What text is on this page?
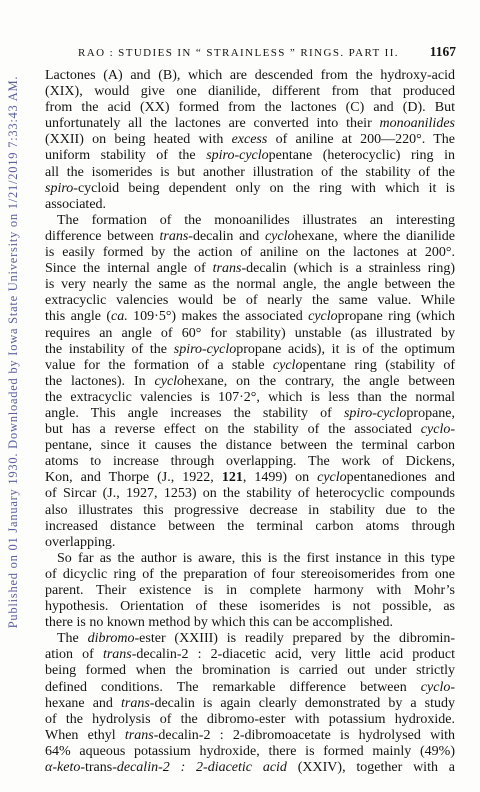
Published on 01 January 1930. Downloaded by Iowa State University on 1/21/2019 7:33:43 AM.
RAO : STUDIES IN “ STRAINLESS ” RINGS. PART II. 1167
Lactones (A) and (B), which are descended from the hydroxy-acid
(XIX), would give one dianilide, different from that produced
from the acid (XX) formed from the lactones (C) and (D). But
unfortunately all the lactones are converted into their monoanilides
(XXII) on being heated with excess of aniline at 200—220°. The
uniform stability of the spiro-cyclopentane (heterocyclic) ring in
all the isomerides is but another illustration of the stability of the
spiro-cycloid being dependent only on the ring with which it is
associated.
The formation of the monoanilides illustrates an interesting
difference between trans-decalin and cyclohexane, where the dianilide
is easily formed by the action of aniline on the lactones at 200°.
Since the internal angle of trans-decalin (which is a strainless ring)
is very nearly the same as the normal angle, the angle between the
extracyclic valencies would be of nearly the same value. While
this angle (ca. 109·5°) makes the associated cyclopropane ring (which
requires an angle of 60° for stability) unstable (as illustrated by
the instability of the spiro-cyclopropane acids), it is of the optimum
value for the formation of a stable cyclopentane ring (stability of
the lactones). In cyclohexane, on the contrary, the angle between
the extracyclic valencies is 107·2°, which is less than the normal
angle. This angle increases the stability of spiro-cyclopropane,
but has a reverse effect on the stability of the associated cyclo-
pentane, since it causes the distance between the terminal carbon
atoms to increase through overlapping. The work of Dickens,
Kon, and Thorpe (J., 1922, 121, 1499) on cyclopentanediones and
of Sircar (J., 1927, 1253) on the stability of heterocyclic compounds
also illustrates this progressive decrease in stability due to the
increased distance between the terminal carbon atoms through
overlapping.
So far as the author is aware, this is the first instance in this type
of dicyclic ring of the preparation of four stereoisomerides from one
parent. Their existence is in complete harmony with Mohr’s
hypothesis. Orientation of these isomerides is not possible, as
there is no known method by which this can be accomplished.
The dibromo-ester (XXIII) is readily prepared by the dibromin-
ation of trans-decalin-2 : 2-diacetic acid, very little acid product
being formed when the bromination is carried out under strictly
defined conditions. The remarkable difference between cyclo-
hexane and trans-decalin is again clearly demonstrated by a study
of the hydrolysis of the dibromo-ester with potassium hydroxide.
When ethyl trans-decalin-2 : 2-dibromoacetate is hydrolysed with
64% aqueous potassium hydroxide, there is formed mainly (49%)
α-keto-trans-decalin-2 : 2-diacetic acid (XXIV), together with a
